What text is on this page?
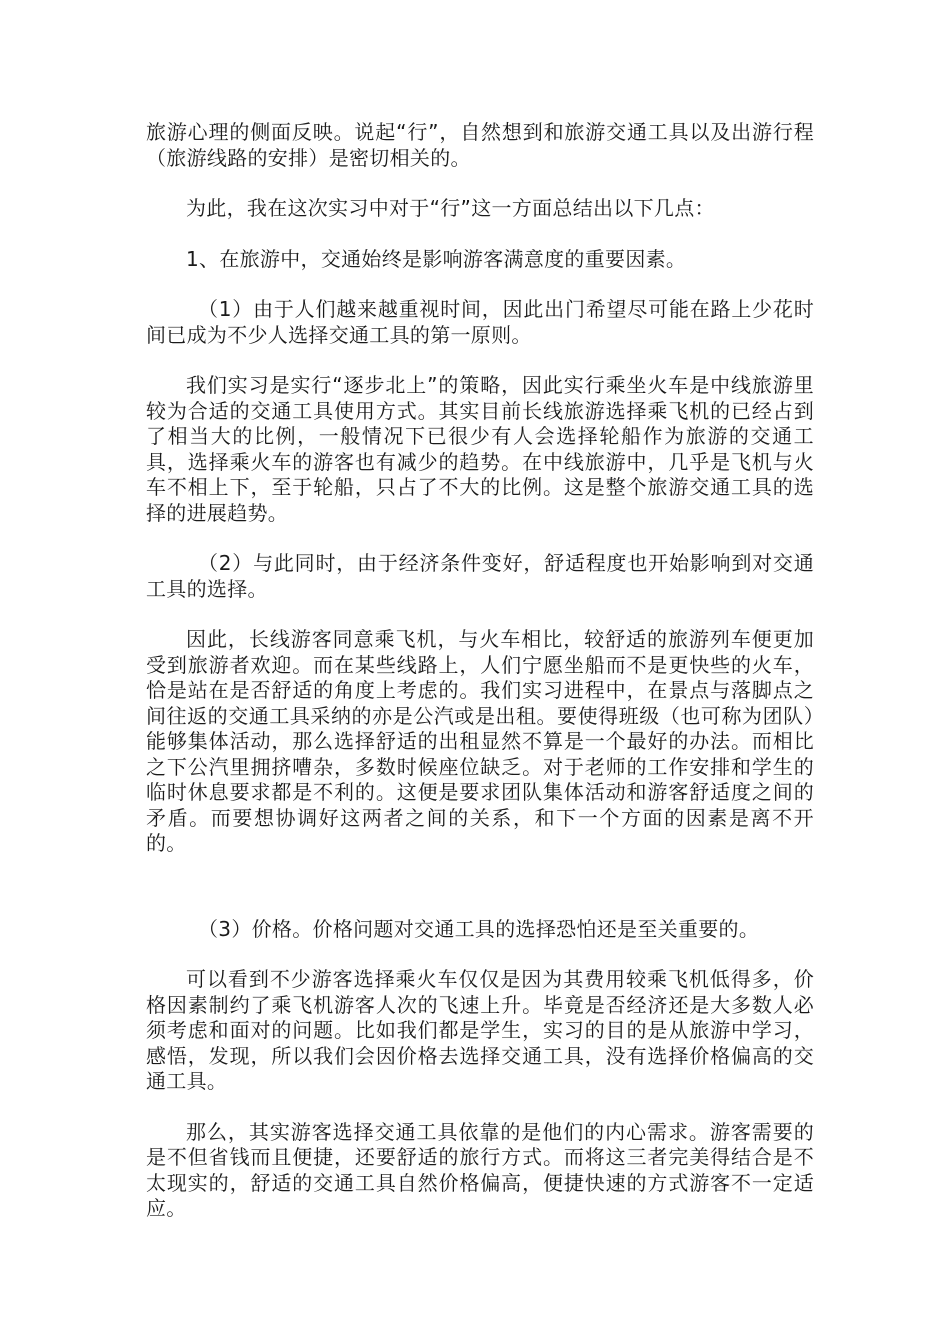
旅游心理的侧面反映。说起“行”，自然想到和旅游交通工具以及出游行程（旅游线路的安排）是密切相关的。

为此，我在这次实习中对于“行”这一方面总结出以下几点：

1、在旅游中，交通始终是影响游客满意度的重要因素。

（1）由于人们越来越重视时间，因此出门希望尽可能在路上少花时间已成为不少人选择交通工具的第一原则。

我们实习是实行“逐步北上”的策略，因此实行乘坐火车是中线旅游里较为合适的交通工具使用方式。其实目前长线旅游选择乘飞机的已经占到了相当大的比例，一般情况下已很少有人会选择轮船作为旅游的交通工具，选择乘火车的游客也有减少的趋势。在中线旅游中，几乎是飞机与火车不相上下，至于轮船，只占了不大的比例。这是整个旅游交通工具的选择的进展趋势。

（2）与此同时，由于经济条件变好，舒适程度也开始影响到对交通工具的选择。

因此，长线游客同意乘飞机，与火车相比，较舒适的旅游列车便更加受到旅游者欢迎。而在某些线路上，人们宁愿坐船而不是更快些的火车，恰是站在是否舒适的角度上考虑的。我们实习进程中，在景点与落脚点之间往返的交通工具采纳的亦是公汽或是出租。要使得班级（也可称为团队）能够集体活动，那么选择舒适的出租显然不算是一个最好的办法。而相比之下公汽里拥挤嘈杂，多数时候座位缺乏。对于老师的工作安排和学生的临时休息要求都是不利的。这便是要求团队集体活动和游客舒适度之间的矛盾。而要想协调好这两者之间的关系，和下一个方面的因素是离不开的。

（3）价格。价格问题对交通工具的选择恐怕还是至关重要的。

可以看到不少游客选择乘火车仅仅是因为其费用较乘飞机低得多，价格因素制约了乘飞机游客人次的飞速上升。毕竟是否经济还是大多数人必须考虑和面对的问题。比如我们都是学生，实习的目的是从旅游中学习，感悟，发现，所以我们会因价格去选择交通工具，没有选择价格偏高的交通工具。

那么，其实游客选择交通工具依靠的是他们的内心需求。游客需要的是不但省钱而且便捷，还要舒适的旅行方式。而将这三者完美得结合是不太现实的，舒适的交通工具自然价格偏高，便捷快速的方式游客不一定适应。
